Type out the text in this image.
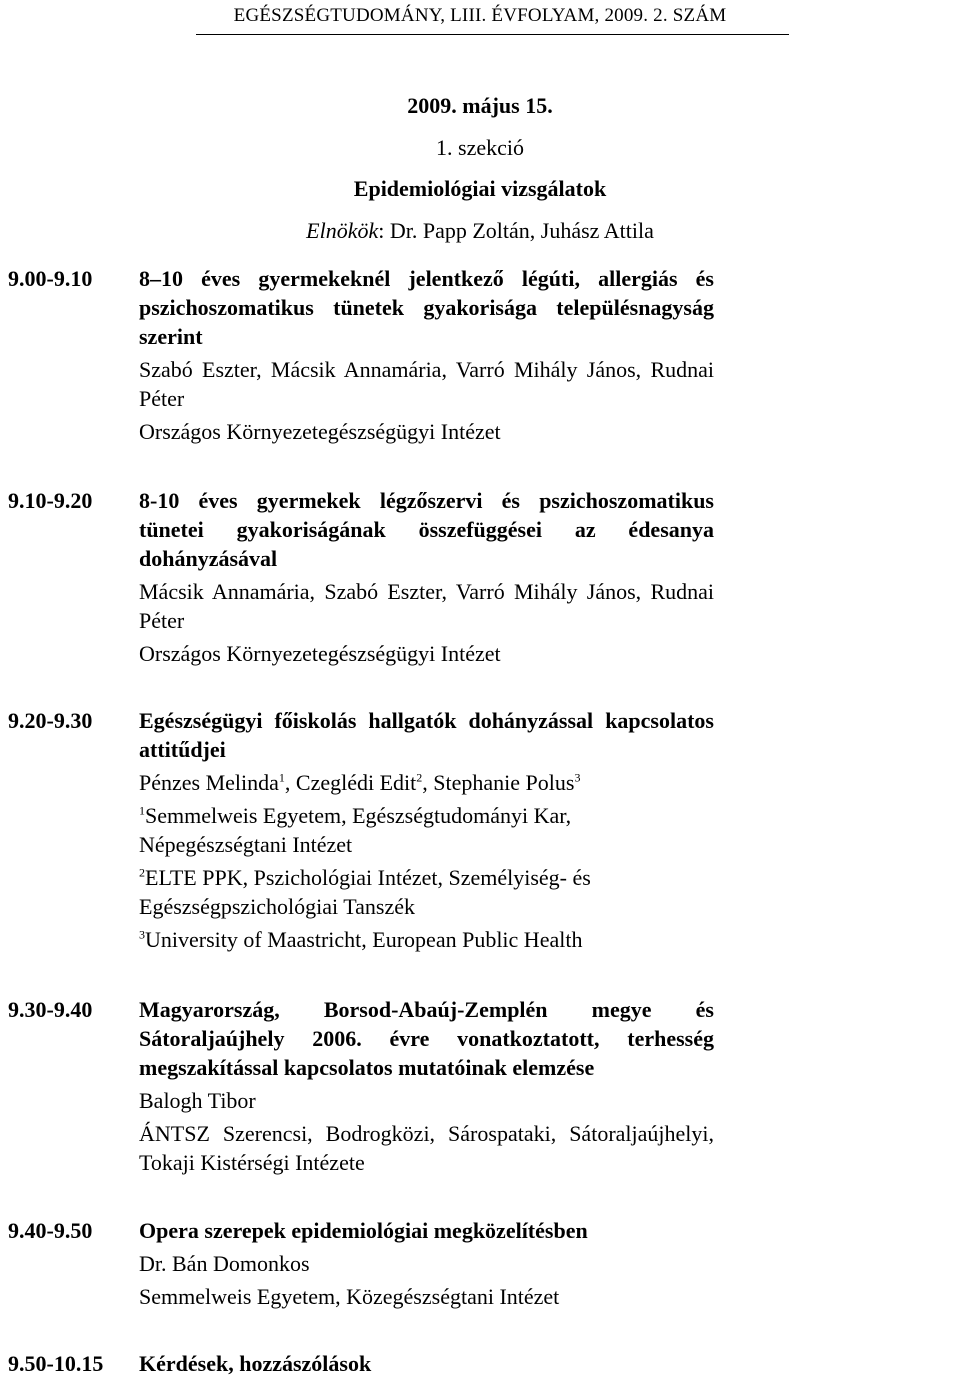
EGÉSZSÉGTUDOMÁNY, LIII. ÉVFOLYAM, 2009. 2. SZÁM
2009. május 15.
1. szekció
Epidemiológiai vizsgálatok
Elnökök: Dr. Papp Zoltán, Juhász Attila
9.00-9.10	8–10 éves gyermekeknél jelentkező légúti, allergiás és pszichoszomatikus tünetek gyakorisága településnagyság szerint
Szabó Eszter, Mácsik Annamária, Varró Mihály János, Rudnai Péter
Országos Környezetegészségügyi Intézet
9.10-9.20	8-10 éves gyermekek légzőszervi és pszichoszomatikus tünetei gyakoriságának összefüggései az édesanya dohányzásával
Mácsik Annamária, Szabó Eszter, Varró Mihály János, Rudnai Péter
Országos Környezetegészségügyi Intézet
9.20-9.30	Egészségügyi főiskolás hallgatók dohányzással kapcsolatos attitűdjei
Pénzes Melinda$^1$, Czeglédi Edit$^2$, Stephanie Polus$^3$
$^1$Semmelweis Egyetem, Egészségtudományi Kar, Népegészségtani Intézet
$^2$ELTE PPK, Pszichológiai Intézet, Személyiség- és Egészségpszichológiai Tanszék
$^3$University of Maastricht, European Public Health
9.30-9.40	Magyarország, Borsod-Abaúj-Zemplén megye és Sátoraljaújhely 2006. évre vonatkoztatott, terhesség megszakítással kapcsolatos mutatóinak elemzése
Balogh Tibor
ÁNTSZ Szerencsi, Bodrogközi, Sárospataki, Sátoraljaújhelyi, Tokaji Kistérségi Intézete
9.40-9.50	Opera szerepek epidemiológiai megközelítésben
Dr. Bán Domonkos
Semmelweis Egyetem, Közegészségtani Intézet
9.50-10.15	Kérdések, hozzászólások
